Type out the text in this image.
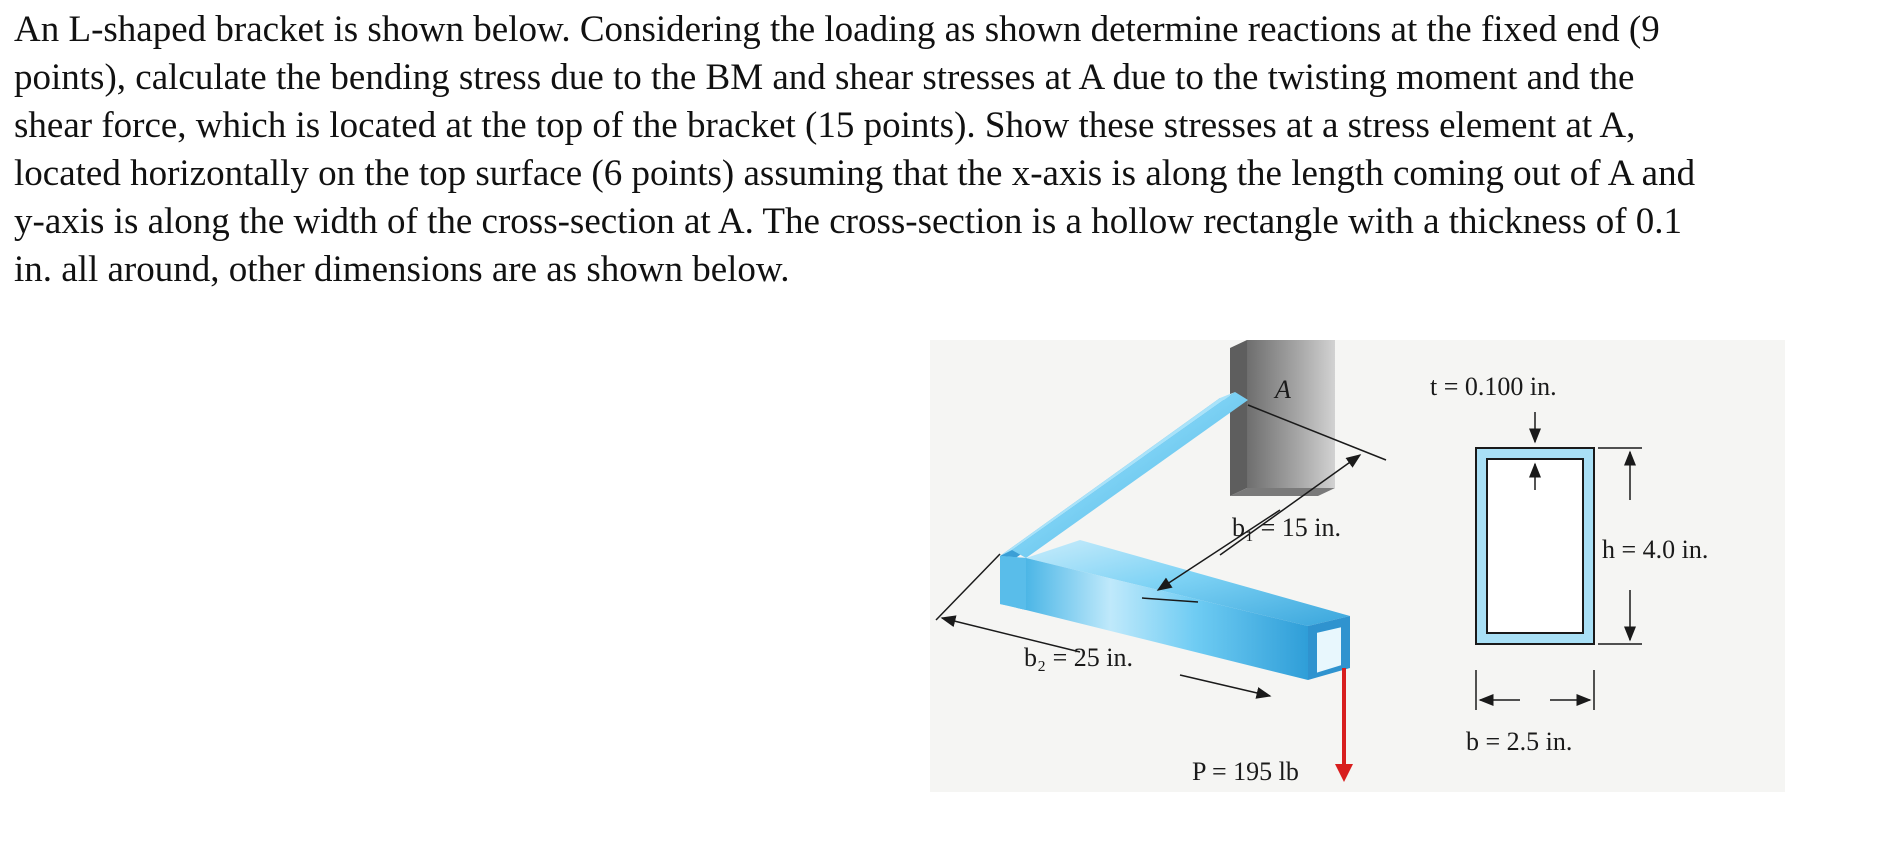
An L-shaped bracket is shown below. Considering the loading as shown determine reactions at the fixed end (9
points), calculate the bending stress due to the BM and shear stresses at A due to the twisting moment and the
shear force, which is located at the top of the bracket (15 points). Show these stresses at a stress element at A,
located horizontally on the top surface (6 points) assuming that the x-axis is along the length coming out of A and
y-axis is along the width of the cross-section at A. The cross-section is a hollow rectangle with a thickness of 0.1
in. all around, other dimensions are as shown below.
A
b₁ = 15 in.
b₂ = 25 in.
P = 195 lb
t = 0.100 in.
h = 4.0 in.
b = 2.5 in.
